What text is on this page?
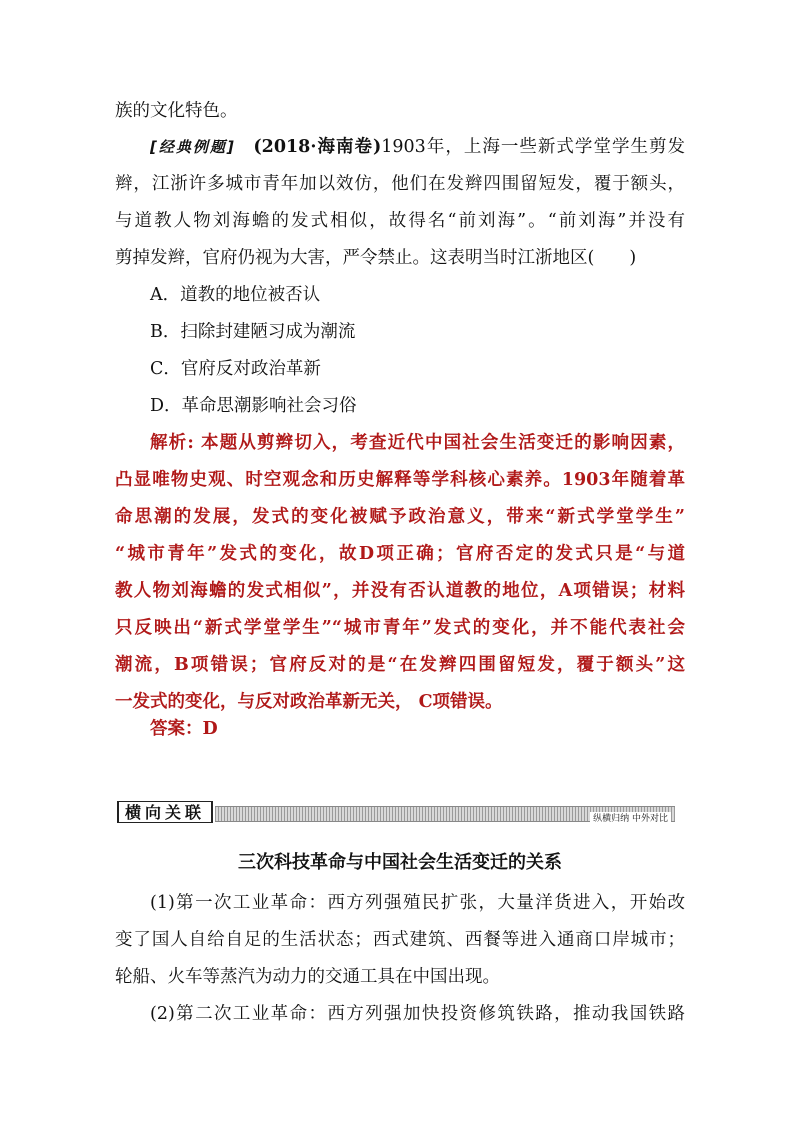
族的文化特色。
[经典例题] (2018·海南卷)1903年，上海一些新式学堂学生剪发
辫，江浙许多城市青年加以效仿，他们在发辫四围留短发，覆于额头，
与道教人物刘海蟾的发式相似，故得名“前刘海”。“前刘海”并没有
剪掉发辫，官府仍视为大害，严令禁止。这表明当时江浙地区(　　)
A．道教的地位被否认
B．扫除封建陋习成为潮流
C．官府反对政治革新
D．革命思潮影响社会习俗
解析: 本题从剪辫切入，考查近代中国社会生活变迁的影响因素，
凸显唯物史观、时空观念和历史解释等学科核心素养。1903年随着革
命思潮的发展，发式的变化被赋予政治意义，带来“新式学堂学生”
“城市青年”发式的变化，故D项正确；官府否定的发式只是“与道
教人物刘海蟾的发式相似”，并没有否认道教的地位，A项错误；材料
只反映出“新式学堂学生”“城市青年”发式的变化，并不能代表社会
潮流，B项错误；官府反对的是“在发辫四围留短发，覆于额头”这
一发式的变化，与反对政治革新无关， C项错误。
答案：D
横向关联	纵横归纳 中外对比
三次科技革命与中国社会生活变迁的关系
(1)第一次工业革命：西方列强殖民扩张，大量洋货进入，开始改
变了国人自给自足的生活状态；西式建筑、西餐等进入通商口岸城市；
轮船、火车等蒸汽为动力的交通工具在中国出现。
(2)第二次工业革命：西方列强加快投资修筑铁路，推动我国铁路
